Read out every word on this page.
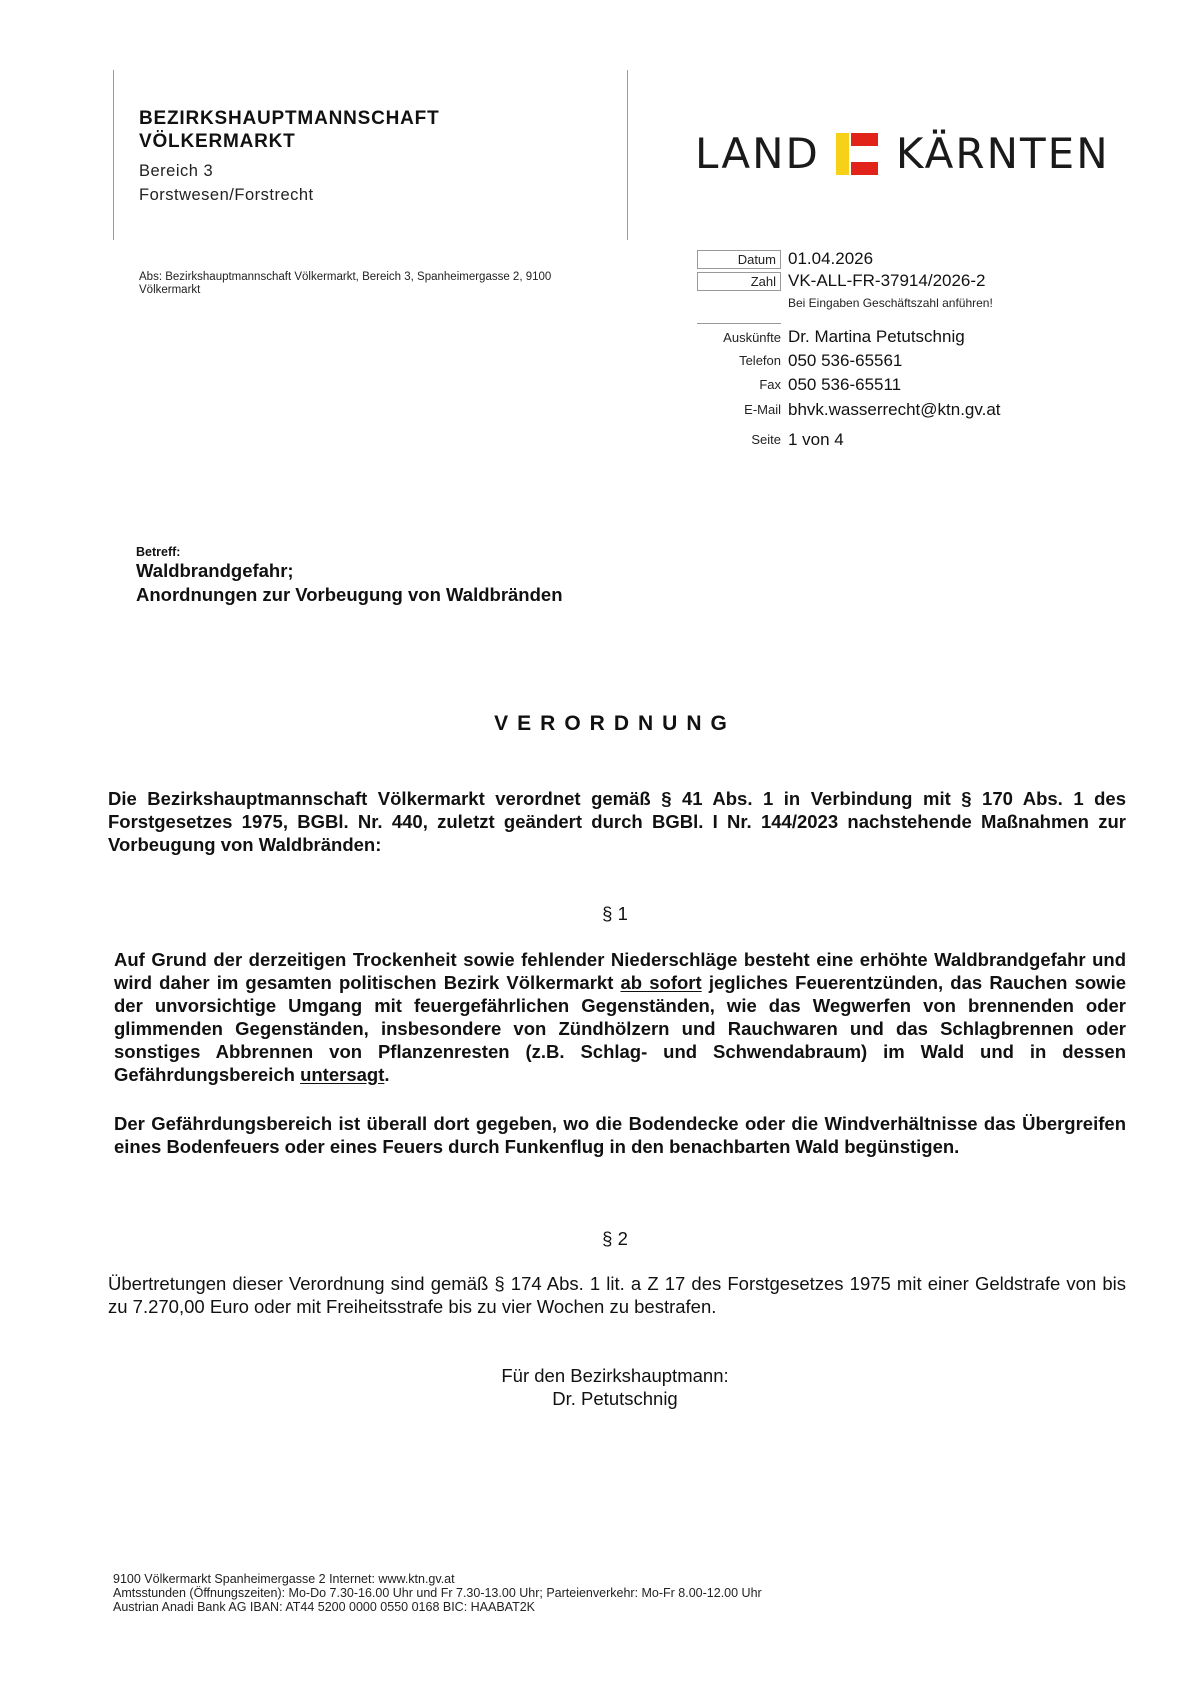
BEZIRKSHAUPTMANNSCHAFT
VÖLKERMARKT
Bereich 3
Forstwesen/Forstrecht
LAND KÄRNTEN
Abs: Bezirkshauptmannschaft Völkermarkt, Bereich 3, Spanheimergasse 2, 9100 Völkermarkt
Datum 01.04.2026
Zahl VK-ALL-FR-37914/2026-2
Bei Eingaben Geschäftszahl anführen!
Auskünfte Dr. Martina Petutschnig
Telefon 050 536-65561
Fax 050 536-65511
E-Mail bhvk.wasserrecht@ktn.gv.at
Seite 1 von 4
Betreff:
Waldbrandgefahr;
Anordnungen zur Vorbeugung von Waldbränden
VERORDNUNG
Die Bezirkshauptmannschaft Völkermarkt verordnet gemäß § 41 Abs. 1 in Verbindung mit § 170 Abs. 1 des Forstgesetzes 1975, BGBl. Nr. 440, zuletzt geändert durch BGBl. I Nr. 144/2023 nachstehende Maßnahmen zur Vorbeugung von Waldbränden:
§ 1
Auf Grund der derzeitigen Trockenheit sowie fehlender Niederschläge besteht eine erhöhte Waldbrandgefahr und wird daher im gesamten politischen Bezirk Völkermarkt ab sofort jegliches Feuerentzünden, das Rauchen sowie der unvorsichtige Umgang mit feuergefährlichen Gegenständen, wie das Wegwerfen von brennenden oder glimmenden Gegenständen, insbesondere von Zündhölzern und Rauchwaren und das Schlagbrennen oder sonstiges Abbrennen von Pflanzenresten (z.B. Schlag- und Schwendabraum) im Wald und in dessen Gefährdungsbereich untersagt.
Der Gefährdungsbereich ist überall dort gegeben, wo die Bodendecke oder die Windverhältnisse das Übergreifen eines Bodenfeuers oder eines Feuers durch Funkenflug in den benachbarten Wald begünstigen.
§ 2
Übertretungen dieser Verordnung sind gemäß § 174 Abs. 1 lit. a Z 17 des Forstgesetzes 1975 mit einer Geldstrafe von bis zu 7.270,00 Euro oder mit Freiheitsstrafe bis zu vier Wochen zu bestrafen.
Für den Bezirkshauptmann:
Dr. Petutschnig
9100 Völkermarkt Spanheimergasse 2 Internet: www.ktn.gv.at
Amtsstunden (Öffnungszeiten): Mo-Do 7.30-16.00 Uhr und Fr 7.30-13.00 Uhr; Parteienverkehr: Mo-Fr 8.00-12.00 Uhr
Austrian Anadi Bank AG IBAN: AT44 5200 0000 0550 0168 BIC: HAABAT2K
